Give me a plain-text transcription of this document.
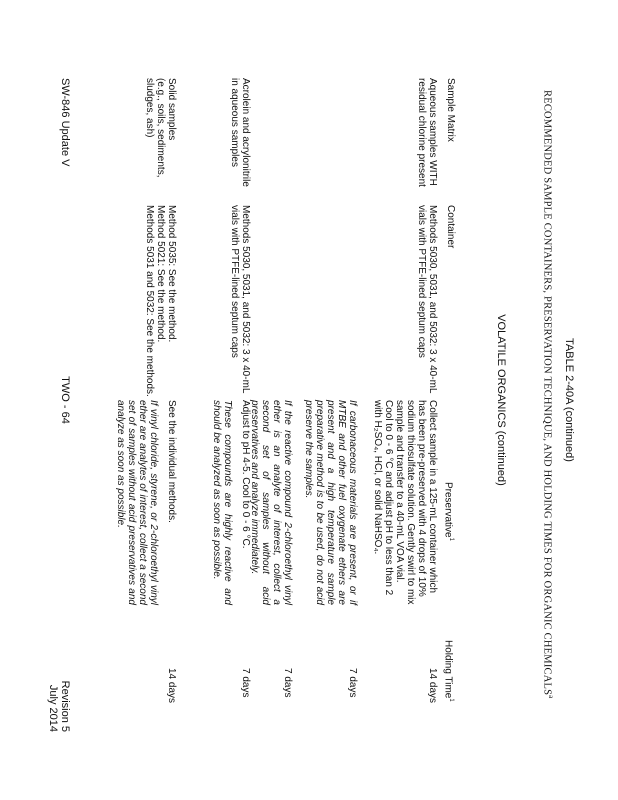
TABLE 2-40A (continued)
RECOMMENDED SAMPLE CONTAINERS, PRESERVATION TECHNIQUE, AND HOLDING TIMES FOR ORGANIC CHEMICALS$^a$
VOLATILE ORGANICS (continued)
Sample Matrix
Container
Preservative$^1$
Holding Time$^1$
Aqueous samples WITH
residual chlorine present
Methods 5030, 5031, and 5032: 3 x 40-mL
vials with PTFE-lined septum caps
Collect sample in a 125-mL container which has been pre-preserved with 4 drops of 10% sodium thiosulfate solution. Gently swirl to mix sample and transfer to a 40-mL VOA vial. Cool to 0 - 6 °C and adjust pH to less than 2 with H₂SO₄, HCl, or solid NaHSO₄.
14 days
If carbonaceous materials are present, or if MTBE and other fuel oxygenate ethers are present and a high temperature sample preparative method is to be used, do not acid preserve the samples.
7 days
If the reactive compound 2-chloroethyl vinyl ether is an analyte of interest, collect a second set of samples without acid preservatives and analyze immediately.
7 days
Acrolein and acrylonitrile
in aqueous samples
Methods 5030, 5031, and 5032: 3 x 40-mL
vials with PTFE-lined septum caps
Adjust to pH 4-5. Cool to 0 - 6 °C.
These compounds are highly reactive and should be analyzed as soon as possible.
7 days
Solid samples
(e.g., soils, sediments,
sludges, ash)
Method 5035: See the method.
Method 5021: See the method.
Methods 5031 and 5032: See the methods.
See the individual methods.
If vinyl chloride, styrene, or 2-chloroethyl vinyl ether are analytes of interest, collect a second set of samples without acid preservatives and analyze as soon as possible.
14 days
SW-846 Update V
TWO - 64
Revision 5
July 2014
